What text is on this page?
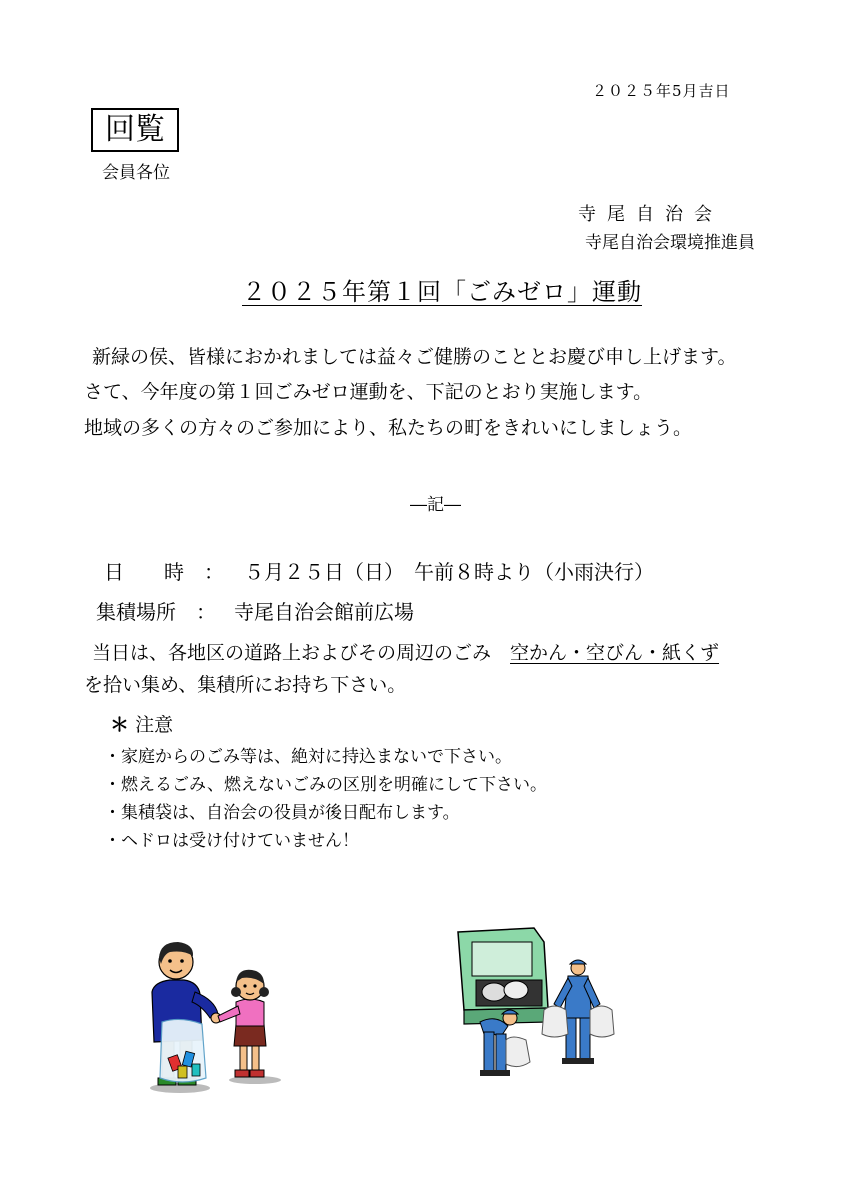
２０２５年5月吉日
回覧
会員各位
寺尾自治会
寺尾自治会環境推進員
２０２５年第１回「ごみゼロ」運動
新緑の侯、皆様におかれましては益々ご健勝のこととお慶び申し上げます。
さて、今年度の第１回ごみゼロ運動を、下記のとおり実施します。
地域の多くの方々のご参加により、私たちの町をきれいにしましょう。
―記―
日　　時　： ５月２５日（日）　午前８時より（小雨決行）
集積場所　： 寺尾自治会館前広場
当日は、各地区の道路上およびその周辺のごみ　空かん・空びん・紙くず
を拾い集め、集積所にお持ち下さい。
＊ 注意
・家庭からのごみ等は、絶対に持込まないで下さい。
・燃えるごみ、燃えないごみの区別を明確にして下さい。
・集積袋は、自治会の役員が後日配布します。
・ヘドロは受け付けていません！
